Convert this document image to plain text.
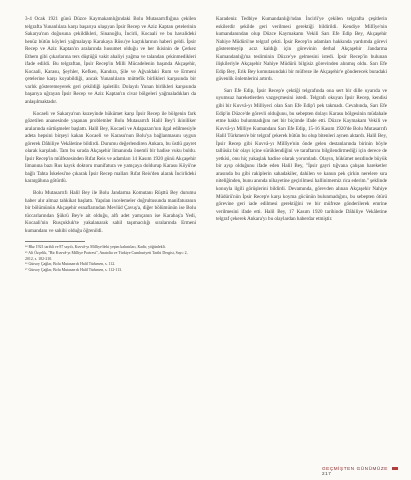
3-4 Ocak 1921 günü Düzce Kaymakamlığındaki Bolu Mutasarrıflığına çekilen telgrafta Yunanlılara karşı başarıya ulaşıyan İpsir Recep ve Aziz Kaptan çetelerinin Sakarya'nın doğusuna çekildikleri, Sinanoğlu, İncirli, Kocaali ve bu havalideki henüz bütün köyleri yağmalayıp Karakaya Rüsu'ye kaçtıklarının haberi geldi. İpsir Recep ve Aziz Kaptan'ın aralarında husumet olduğu ve her ikisinin de Çerkez Ethem gibi çıkarlarına ters düştüğü vakit ahaliyi yağma ve talandan çekinmedikleri ifade edildi. Bu telgraftan, İpsir Recep'in Milli Mücadelenin başında Akçaşehir, Kocaali, Karasu, Şeyhler, Kefken, Kandıra, Şile ve Ağvaldaki Rum ve Ermeni çetelerine karşı koyabildiği, ancak Yunanlıların müttefik birlikleri karşısında bir varlık gösteremeyerek geri çekildiği işaletilir. Dolayılı Yunan birlikleri karşısında başarıya uğrayan İpsir Recep ve Aziz Kaptan'ın civar bölgeleri yağmaladıkları da anlaşılmaktadır.

Kocaeli ve Sakarya'nın kuzeyinde hükümet karşı İpsir Recep ile bölgenin fark gözetilen ananesinde yaşanan problemler Bolu Mutasarrıfı Halil Bey'i ikiniliker aralarında sürtüşmeler başlattı. Halil Bey, Kocaeli ve Adapazarı'nın ilgal edilmesiyle adeta hepsini birşeyi kakan Kocaeli ve Karasu'nun Bolu'ya bağlanmasını uygun görerek Dâhiliye Vekâletine bildirdi. Durumu değerlendiren Ankara, bu üstlü gayret olarak karşıladı. Tam bu sırada Akçaşehir limanında önemli bir hadise vuku buldu. İpsir Recep'in mülfezesinden Rıfat Reis ve adamları 14 Kasım 1920 günü Akçaşehir limanına bazı Rus kayık doktoru manifatura ve yamçaya doldurup Karasu Köyü'ne bağlı Tahta İskelesi'ne çıkarak İpsir Recep malları Rıfat Reis'den alarak İncirlideki karargâhına götürdü.

Bolu Mutasarrıfı Halil Bey ile Bolu Jandarma Komutanı Rüşttü Bey durumu haber alır almaz tahkikat başlattı. Yapılan incelemeler doğrultusunda manifaturanın bir bölümünün Akçaşehir esnaflarından Mevlüd Çavuş'a, diğer bölümünün ise Bolu tüccarlarından Şükrü Bey'e ait olduğu, alfı adet yamçanın ise Karabaş'a Yedi, Kocaali'nin Rusçukluk'te yakalanarak sahil taşımacılığı sıralarında Ermeni kumandanı ve sahibi olduğu öğrenildi.

¹⁴ Bkz 1921 tarihli ve 87 sayılı, Kuvvâ-yı Milliye'deki yeşim kalıntıları, Kadir, yöğünlekli.

¹⁵ Ali Özçelik, "Bir Kuvvâ-yı Milliye Portresi", Anatolia ve Türkiye Cumhuriyeti Tarihi Dergisi, Sayı: 2, 2012, s. 182-210.

¹⁶ Gürsoy Çağlar, Bolu Mutasarrıfı Halil Türkmen, s. 112.

¹⁷ Gürsoy Çağlar, Bolu Mutasarrıfı Halil Türkmen, s. 112-113.

Karadeniz Tedbiye Kumandanlığı'ndan İncirli'ye çekilen telgrafta çeşitlerin eskilerdir şekilde geri verilmesi gerektiği bildirildi. Kendiye Millîye'nin kumandanından olup Düzce Kaymakamı Vekili Sarı Efe Edip Bey, Akçaşehir Nahiye Müdürü'ne telgraf çekti. İpsir Recep'in adamları hakkında yardımda görevi gösteremeyip acız kaldığı için görevinin derhal Akçaşehir Jandarma Kumandanlığı'na tesliminin Düzce'ye gelmesini istedi. İpsir Recep'in bulunan ilişkileriyle Akçaşehir Nahiye Müdürü bilgisiz görevinden alınmış oldu. Sarı Efe Edip Bey, Erik Bey komutasındaki bir müfreze ile Akçaşehir'e gönderecek buradaki güvenlik önlemlerini artırdı.

Sarı Efe Edip, İpsir Recep'e çektiği telgrafında ona sert bir dille uyarıda ve uyumsuz hareketlerden vazgeçmesini istedi. Telgrafı okuyan İpsir Recep, kendisi gibi bir Kuvvâ-yı Milliyeci olan Sarı Efe Edip'i pek takmadı. Cevabında, Sarı Efe Edip'in Düzce'de görevli olduğunu, bu sebepten dolayı Karasu bölgesinin müdahale etme hakkı bulunmadığını net bir biçimde ifade etti. Düzce Kaymakam Vekili ve Kuvvâ-yı Milliye Kumandanı Sarı Efe Edip, 15-16 Kasım 1920'de Bolu Mutasarrıfı Halil Türkmen'e bir telgraf çekerek bütün bu olup bitenleri aynen aktardı. Halil Bey, İpsir Recep gibi Kuvvâ-yı Millîye'nin önde gelen destanlarında birinin böyle tallüsüz bir olayı içine sürüklendiğini ve taraftarını bilgilendirmediği için derece de yetkisi, onu hiç yakaşlak hadise olarak yorumladı. Olayın, hükümet nezdinde büyük bir ayıp olduğunu ifade eden Halil Bey, "İpsir gayri tığvana çalışan hareketler arasında bu gibi rakiplerin sahadakiler, dahilen ve kanun pek çirkin nerelere sıra niteliğinden, bunu anında nihayetine geçirilmesi hallinimemiz rica ederim." şeklinde konuyla ilgili görüşlerini bildirdi. Devamında, görevden alınan Akçaşehir Nahiye Müdürü'nün İpsir Recep'e karşı koyma gücünün bulunmadığını, bu sebepten ötürü görevine geri iade edilmesi gerektiğini ve bir müfreze gönderilerek emrine verilmesini ifade etti. Halil Bey, 17 Kasım 1920 tarihinde Dâhiliye Vekâletine telgraf çekerek Ankara'yı bu olaylardan haberdar etmiştir.

GEÇMİŞTEN GÜNÜMÜZE217
